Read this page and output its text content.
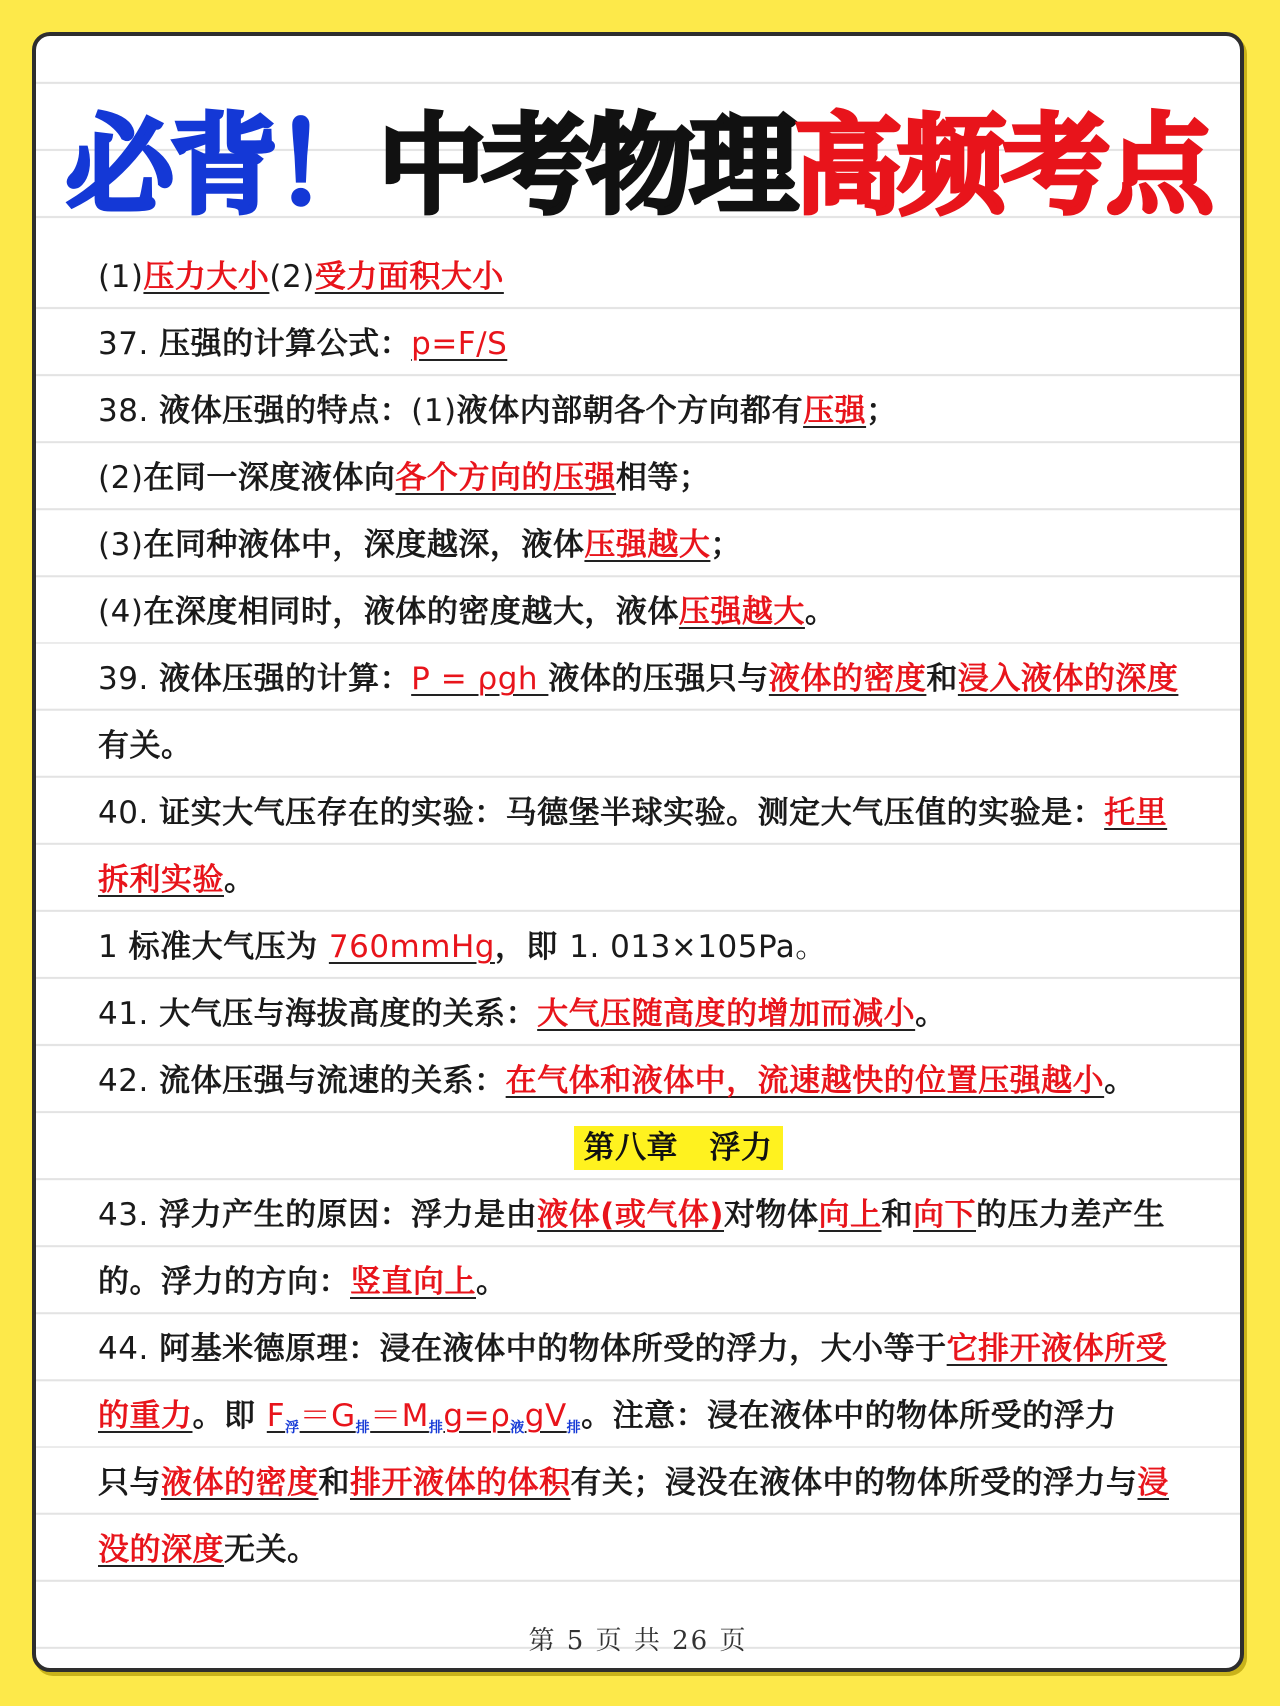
必背！中考物理高频考点
(1)压力大小(2)受力面积大小
37. 压强的计算公式：p=F/S
38. 液体压强的特点：(1)液体内部朝各个方向都有压强；
(2)在同一深度液体向各个方向的压强相等；
(3)在同种液体中，深度越深，液体压强越大；
(4)在深度相同时，液体的密度越大，液体压强越大。
39. 液体压强的计算：P = ρgh 液体的压强只与液体的密度和浸入液体的深度
有关。
40. 证实大气压存在的实验：马德堡半球实验。测定大气压值的实验是：托里
拆利实验。
1 标准大气压为 760mmHg，即 1. 013×105Pa。
41. 大气压与海拔高度的关系：大气压随高度的增加而减小。
42. 流体压强与流速的关系：在气体和液体中，流速越快的位置压强越小。
第八章　浮力
43. 浮力产生的原因：浮力是由液体(或气体)对物体向上和向下的压力差产生
的。浮力的方向：竖直向上。
44. 阿基米德原理：浸在液体中的物体所受的浮力，大小等于它排开液体所受
的重力。即 $F_浮=G_排=M_排g=\rho_液gV_排$。注意：浸在液体中的物体所受的浮力
只与液体的密度和排开液体的体积有关；浸没在液体中的物体所受的浮力与浸
没的深度无关。
第 5 页 共 26 页
